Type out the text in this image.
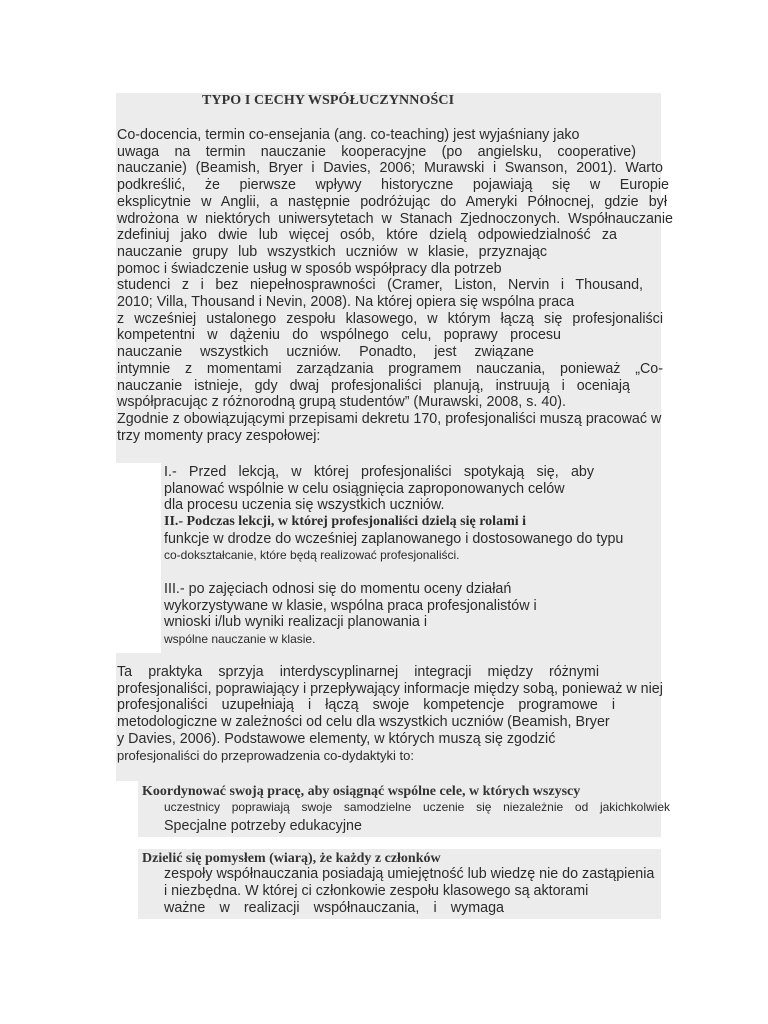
TYPO I CECHY WSPÓŁUCZYNNOŚCI
Co-docencia, termin co-ensejania (ang. co-teaching) jest wyjaśniany jako
uwaga na termin nauczanie kooperacyjne (po angielsku, cooperative)
nauczanie) (Beamish, Bryer i Davies, 2006; Murawski i Swanson, 2001). Warto
podkreślić, że pierwsze wpływy historyczne pojawiają się w Europie
eksplicytnie w Anglii, a następnie podróżując do Ameryki Północnej, gdzie był
wdrożona w niektórych uniwersytetach w Stanach Zjednoczonych. Współnauczanie
zdefiniuj jako dwie lub więcej osób, które dzielą odpowiedzialność za
nauczanie grupy lub wszystkich uczniów w klasie, przyznając
pomoc i świadczenie usług w sposób współpracy dla potrzeb
studenci z i bez niepełnosprawności (Cramer, Liston, Nervin i Thousand,
2010; Villa, Thousand i Nevin, 2008). Na której opiera się wspólna praca
z wcześniej ustalonego zespołu klasowego, w którym łączą się profesjonaliści
kompetentni w dążeniu do wspólnego celu, poprawy procesu
nauczanie wszystkich uczniów. Ponadto, jest związane
intymnie z momentami zarządzania programem nauczania, ponieważ „Co-
nauczanie istnieje, gdy dwaj profesjonaliści planują, instruują i oceniają
współpracując z różnorodną grupą studentów” (Murawski, 2008, s. 40).
Zgodnie z obowiązującymi przepisami dekretu 170, profesjonaliści muszą pracować w
trzy momenty pracy zespołowej:
I.- Przed lekcją, w której profesjonaliści spotykają się, aby
planować wspólnie w celu osiągnięcia zaproponowanych celów
dla procesu uczenia się wszystkich uczniów.
II.- Podczas lekcji, w której profesjonaliści dzielą się rolami i
funkcje w drodze do wcześniej zaplanowanego i dostosowanego do typu
co-dokształcanie, które będą realizować profesjonaliści.
III.- po zajęciach odnosi się do momentu oceny działań
wykorzystywane w klasie, wspólna praca profesjonalistów i
wnioski i/lub wyniki realizacji planowania i
wspólne nauczanie w klasie.
Ta praktyka sprzyja interdyscyplinarnej integracji między różnymi
profesjonaliści, poprawiający i przepływający informacje między sobą, ponieważ w niej
profesjonaliści uzupełniają i łączą swoje kompetencje programowe i
metodologiczne w zależności od celu dla wszystkich uczniów (Beamish, Bryer
y Davies, 2006). Podstawowe elementy, w których muszą się zgodzić
profesjonaliści do przeprowadzenia co-dydaktyki to:
Koordynować swoją pracę, aby osiągnąć wspólne cele, w których wszyscy
uczestnicy poprawiają swoje samodzielne uczenie się niezależnie od jakichkolwiek
Specjalne potrzeby edukacyjne
Dzielić się pomysłem (wiarą), że każdy z członków
zespoły współnauczania posiadają umiejętność lub wiedzę nie do zastąpienia
i niezbędna. W której ci członkowie zespołu klasowego są aktorami
ważne w realizacji współnauczania, i wymaga
